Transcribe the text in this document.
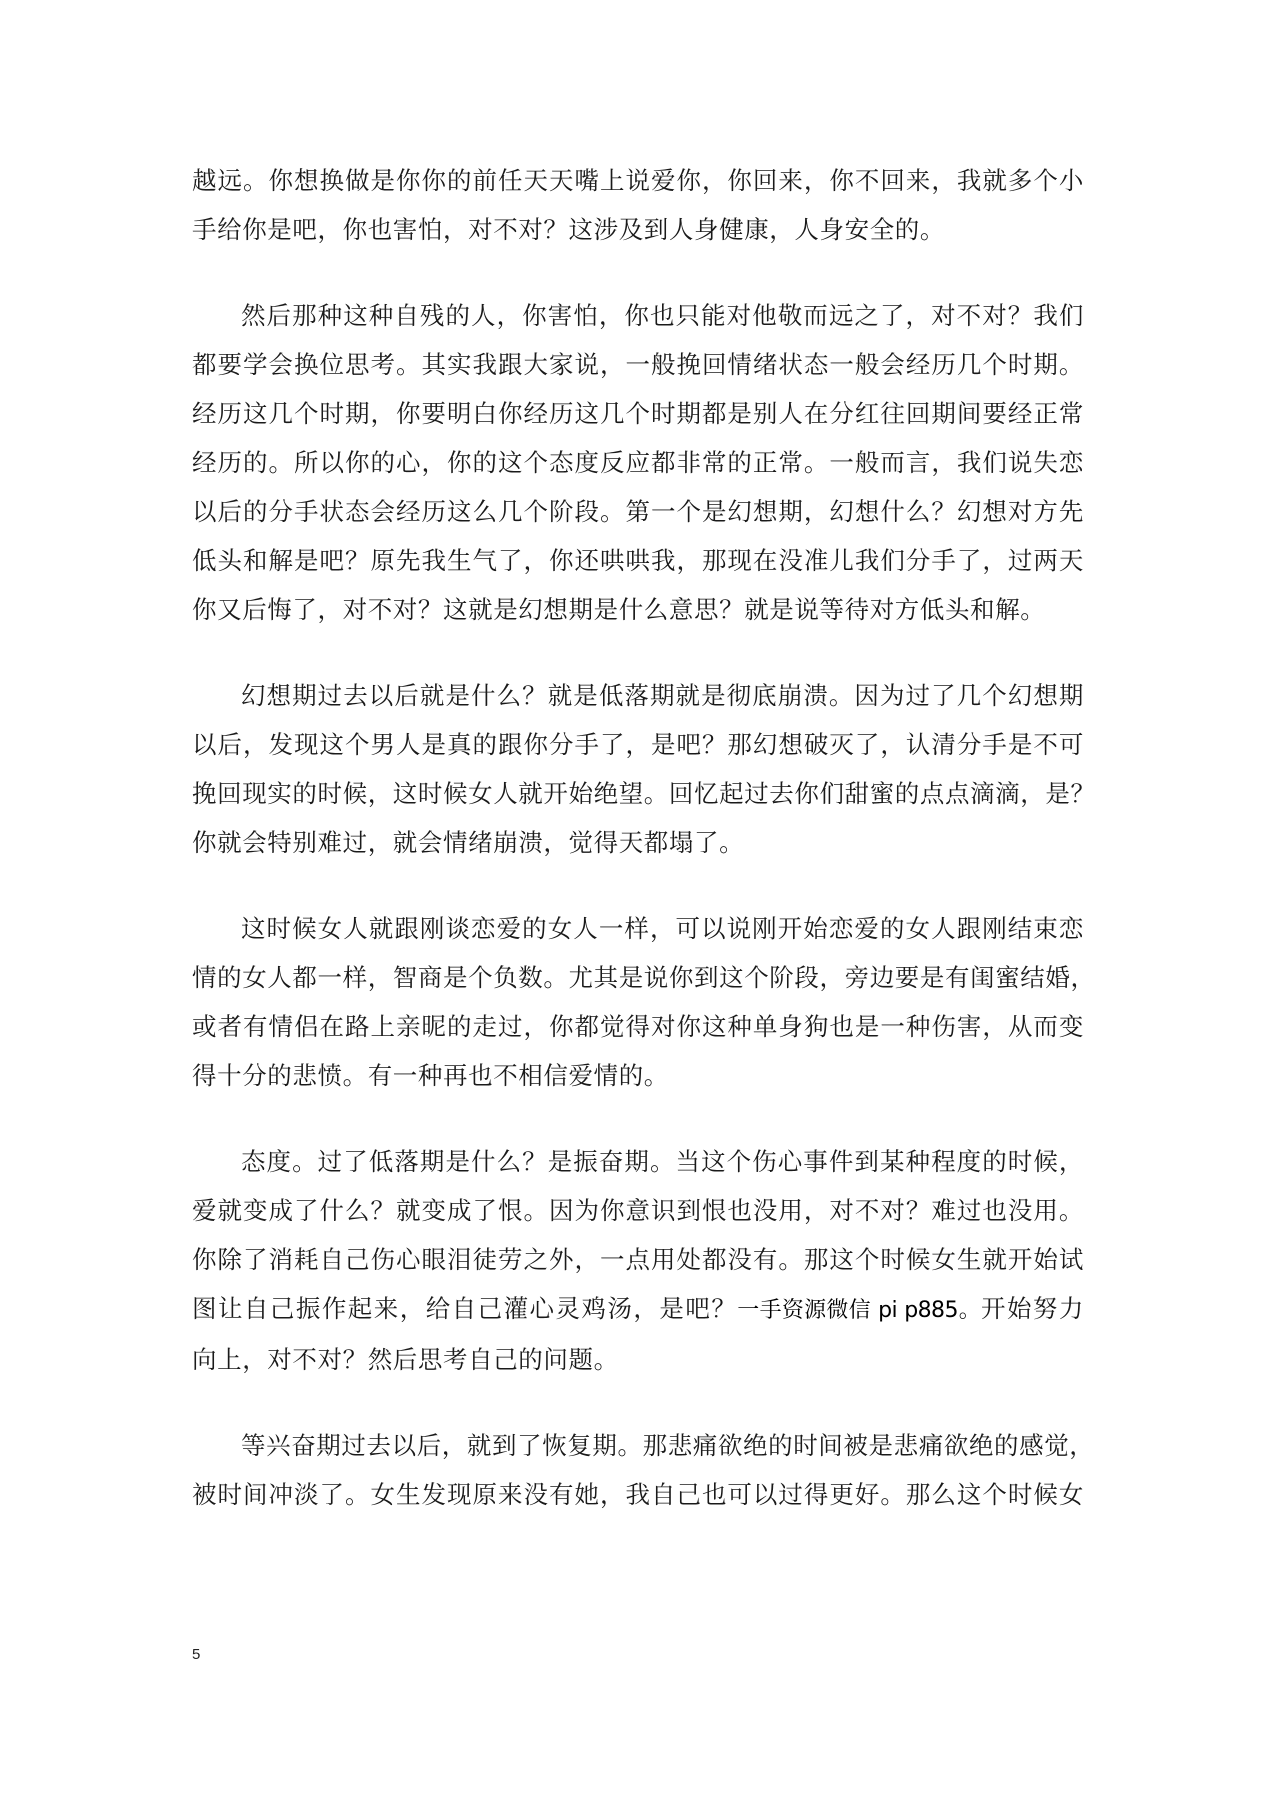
越远。你想换做是你你的前任天天嘴上说爱你，你回来，你不回来，我就多个小
手给你是吧，你也害怕，对不对？这涉及到人身健康，人身安全的。

然后那种这种自残的人，你害怕，你也只能对他敬而远之了，对不对？我们
都要学会换位思考。其实我跟大家说，一般挽回情绪状态一般会经历几个时期。
经历这几个时期，你要明白你经历这几个时期都是别人在分红往回期间要经正常
经历的。所以你的心，你的这个态度反应都非常的正常。一般而言，我们说失恋
以后的分手状态会经历这么几个阶段。第一个是幻想期，幻想什么？幻想对方先
低头和解是吧？原先我生气了，你还哄哄我，那现在没准儿我们分手了，过两天
你又后悔了，对不对？这就是幻想期是什么意思？就是说等待对方低头和解。

幻想期过去以后就是什么？就是低落期就是彻底崩溃。因为过了几个幻想期
以后，发现这个男人是真的跟你分手了，是吧？那幻想破灭了，认清分手是不可
挽回现实的时候，这时候女人就开始绝望。回忆起过去你们甜蜜的点点滴滴，是？
你就会特别难过，就会情绪崩溃，觉得天都塌了。

这时候女人就跟刚谈恋爱的女人一样，可以说刚开始恋爱的女人跟刚结束恋
情的女人都一样，智商是个负数。尤其是说你到这个阶段，旁边要是有闺蜜结婚，
或者有情侣在路上亲昵的走过，你都觉得对你这种单身狗也是一种伤害，从而变
得十分的悲愤。有一种再也不相信爱情的。

态度。过了低落期是什么？是振奋期。当这个伤心事件到某种程度的时候，
爱就变成了什么？就变成了恨。因为你意识到恨也没用，对不对？难过也没用。
你除了消耗自己伤心眼泪徒劳之外，一点用处都没有。那这个时候女生就开始试
图让自己振作起来，给自己灌心灵鸡汤，是吧？一手资源微信 pi p885。开始努力
向上，对不对？然后思考自己的问题。

等兴奋期过去以后，就到了恢复期。那悲痛欲绝的时间被是悲痛欲绝的感觉，
被时间冲淡了。女生发现原来没有她，我自己也可以过得更好。那么这个时候女

5
